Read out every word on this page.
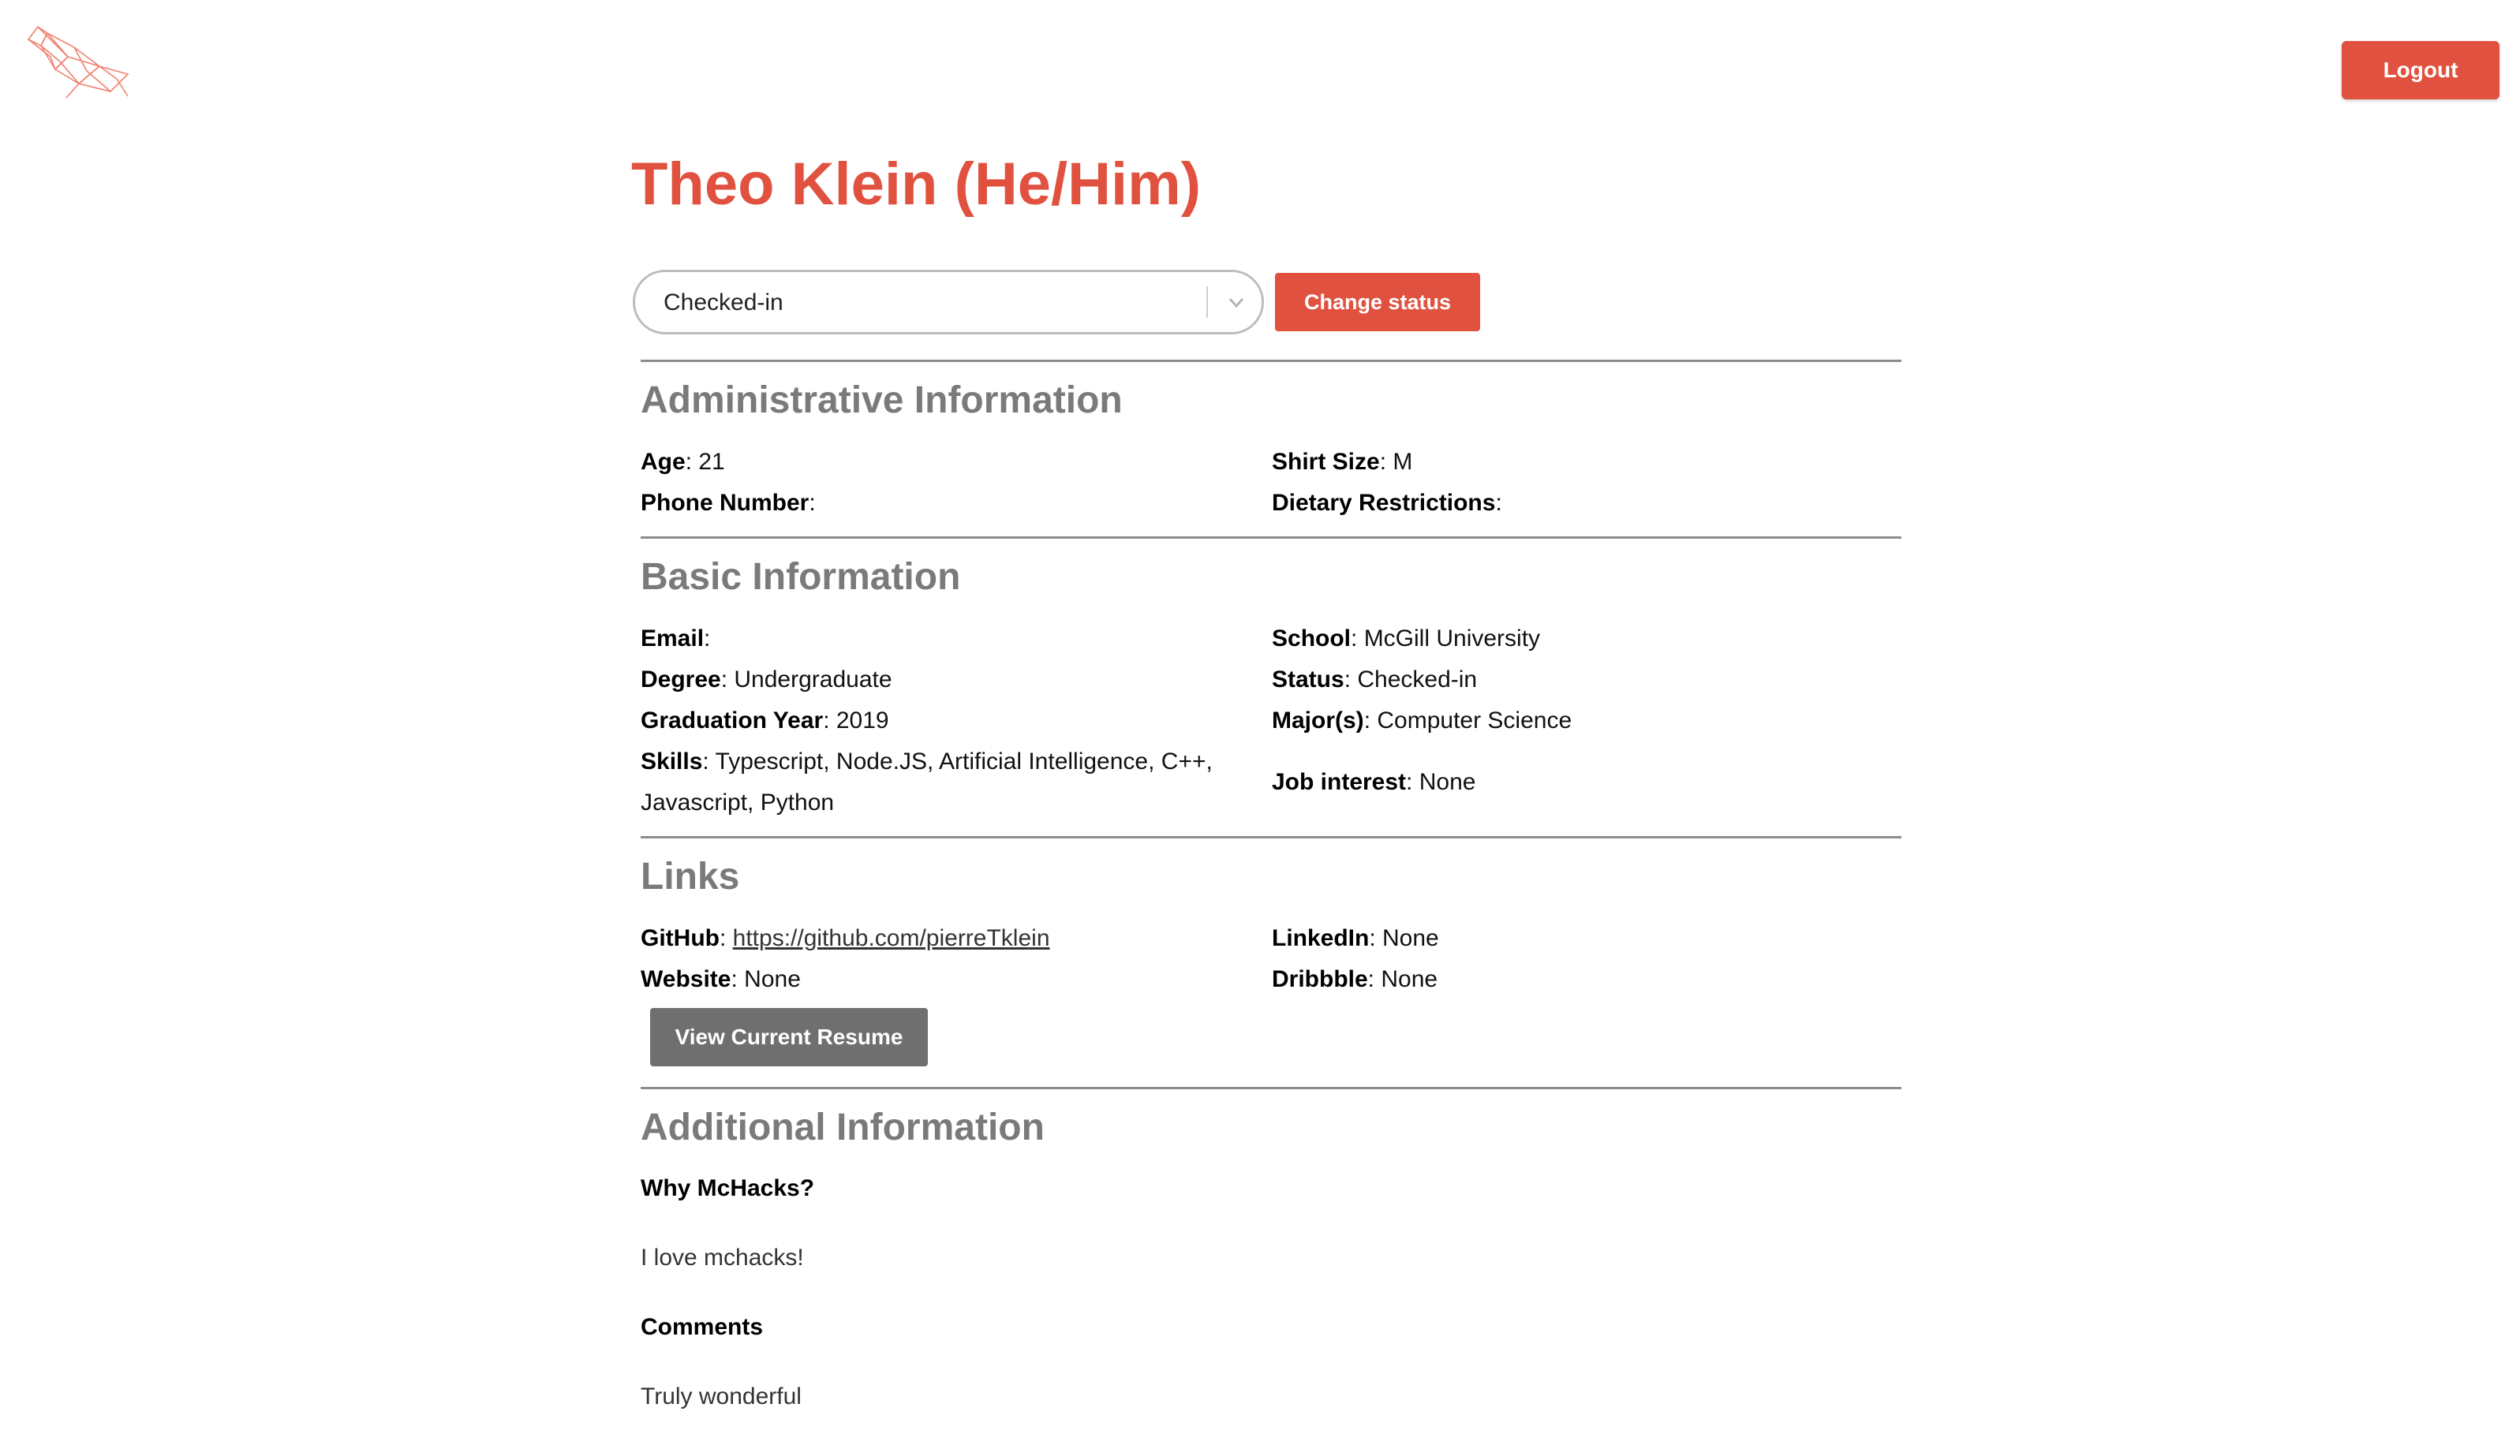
Logout
Theo Klein (He/Him)
Checked-in	Change status
Administrative Information
Age: 21	Shirt Size: M
Phone Number:	Dietary Restrictions:
Basic Information
Email:	School: McGill University
Degree: Undergraduate	Status: Checked-in
Graduation Year: 2019	Major(s): Computer Science
Skills: Typescript, Node.JS, Artificial Intelligence, C++,
Javascript, Python
Job interest: None
Links
GitHub: https://github.com/pierreTklein	LinkedIn: None
Website: None	Dribbble: None
View Current Resume
Additional Information
Why McHacks?
I love mchacks!
Comments
Truly wonderful
